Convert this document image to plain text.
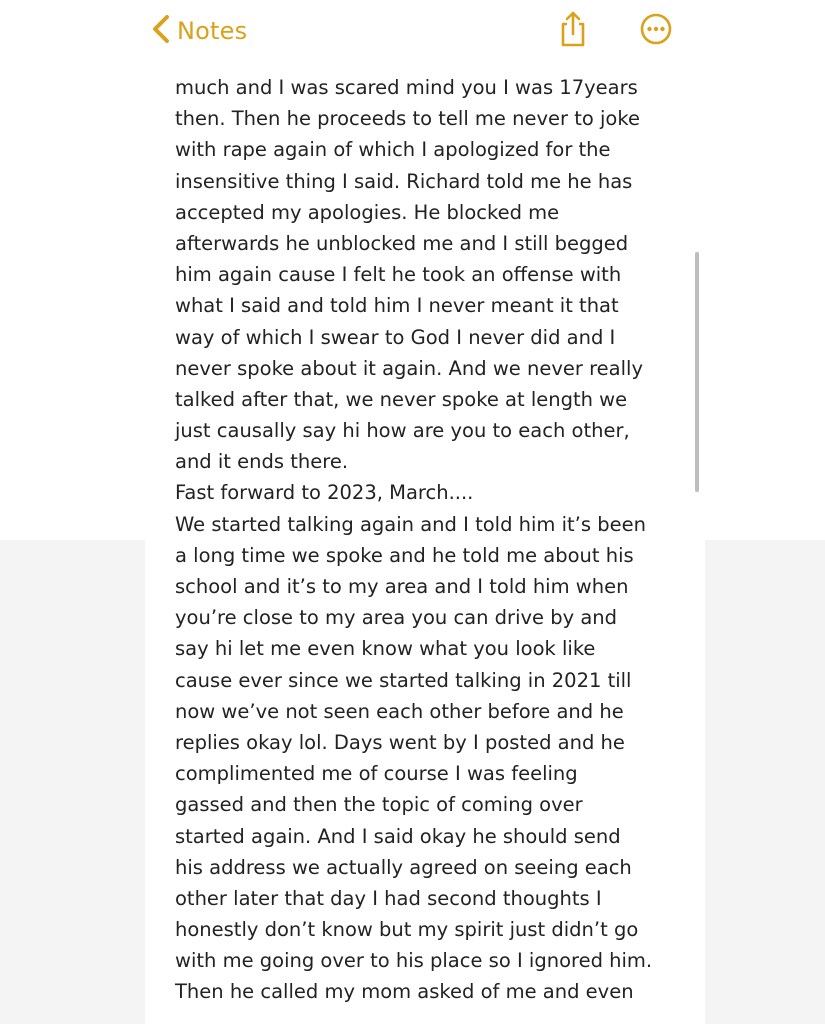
Notes
much and I was scared mind you I was 17years
then. Then he proceeds to tell me never to joke
with rape again of which I apologized for the
insensitive thing I said. Richard told me he has
accepted my apologies. He blocked me
afterwards he unblocked me and I still begged
him again cause I felt he took an offense with
what I said and told him I never meant it that
way of which I swear to God I never did and I
never spoke about it again. And we never really
talked after that, we never spoke at length we
just causally say hi how are you to each other,
and it ends there.
Fast forward to 2023, March....
We started talking again and I told him it’s been
a long time we spoke and he told me about his
school and it’s to my area and I told him when
you’re close to my area you can drive by and
say hi let me even know what you look like
cause ever since we started talking in 2021 till
now we’ve not seen each other before and he
replies okay lol. Days went by I posted and he
complimented me of course I was feeling
gassed and then the topic of coming over
started again. And I said okay he should send
his address we actually agreed on seeing each
other later that day I had second thoughts I
honestly don’t know but my spirit just didn’t go
with me going over to his place so I ignored him.
Then he called my mom asked of me and even
